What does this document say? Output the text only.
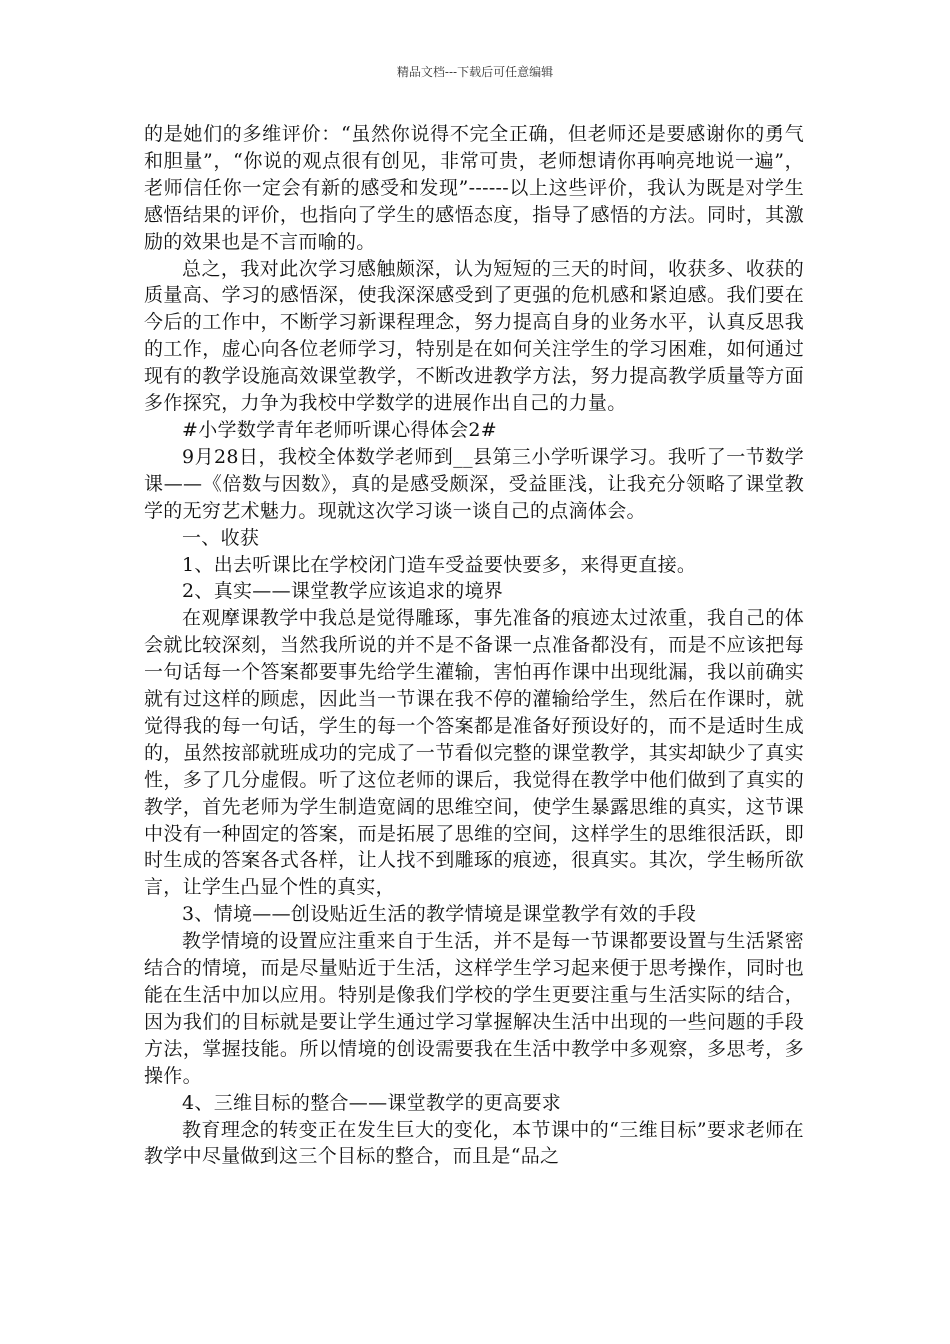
精品文档---下载后可任意编辑

的是她们的多维评价：“虽然你说得不完全正确，但老师还是要感谢你的勇气和胆量”，“你说的观点很有创见，非常可贵，老师想请你再响亮地说一遍”，老师信任你一定会有新的感受和发现”------以上这些评价，我认为既是对学生感悟结果的评价，也指向了学生的感悟态度，指导了感悟的方法。同时，其激励的效果也是不言而喻的。

总之，我对此次学习感触颇深，认为短短的三天的时间，收获多、收获的质量高、学习的感悟深，使我深深感受到了更强的危机感和紧迫感。我们要在今后的工作中，不断学习新课程理念，努力提高自身的业务水平，认真反思我的工作，虚心向各位老师学习，特别是在如何关注学生的学习困难，如何通过现有的教学设施高效课堂教学，不断改进教学方法，努力提高教学质量等方面多作探究，力争为我校中学数学的进展作出自己的力量。

#小学数学青年老师听课心得体会2#

9月28日，我校全体数学老师到__县第三小学听课学习。我听了一节数学课——《倍数与因数》，真的是感受颇深，受益匪浅，让我充分领略了课堂教学的无穷艺术魅力。现就这次学习谈一谈自己的点滴体会。

一、收获

1、出去听课比在学校闭门造车受益要快要多，来得更直接。

2、真实——课堂教学应该追求的境界

在观摩课教学中我总是觉得雕琢，事先准备的痕迹太过浓重，我自己的体会就比较深刻，当然我所说的并不是不备课一点准备都没有，而是不应该把每一句话每一个答案都要事先给学生灌输，害怕再作课中出现纰漏，我以前确实就有过这样的顾虑，因此当一节课在我不停的灌输给学生，然后在作课时，就觉得我的每一句话，学生的每一个答案都是准备好预设好的，而不是适时生成的，虽然按部就班成功的完成了一节看似完整的课堂教学，其实却缺少了真实性，多了几分虚假。听了这位老师的课后，我觉得在教学中他们做到了真实的教学，首先老师为学生制造宽阔的思维空间，使学生暴露思维的真实，这节课中没有一种固定的答案，而是拓展了思维的空间，这样学生的思维很活跃，即时生成的答案各式各样，让人找不到雕琢的痕迹，很真实。其次，学生畅所欲言，让学生凸显个性的真实，

3、情境——创设贴近生活的教学情境是课堂教学有效的手段

教学情境的设置应注重来自于生活，并不是每一节课都要设置与生活紧密结合的情境，而是尽量贴近于生活，这样学生学习起来便于思考操作，同时也能在生活中加以应用。特别是像我们学校的学生更要注重与生活实际的结合，因为我们的目标就是要让学生通过学习掌握解决生活中出现的一些问题的手段方法，掌握技能。所以情境的创设需要我在生活中教学中多观察，多思考，多操作。

4、三维目标的整合——课堂教学的更高要求

教育理念的转变正在发生巨大的变化，本节课中的“三维目标”要求老师在教学中尽量做到这三个目标的整合，而且是“品之
